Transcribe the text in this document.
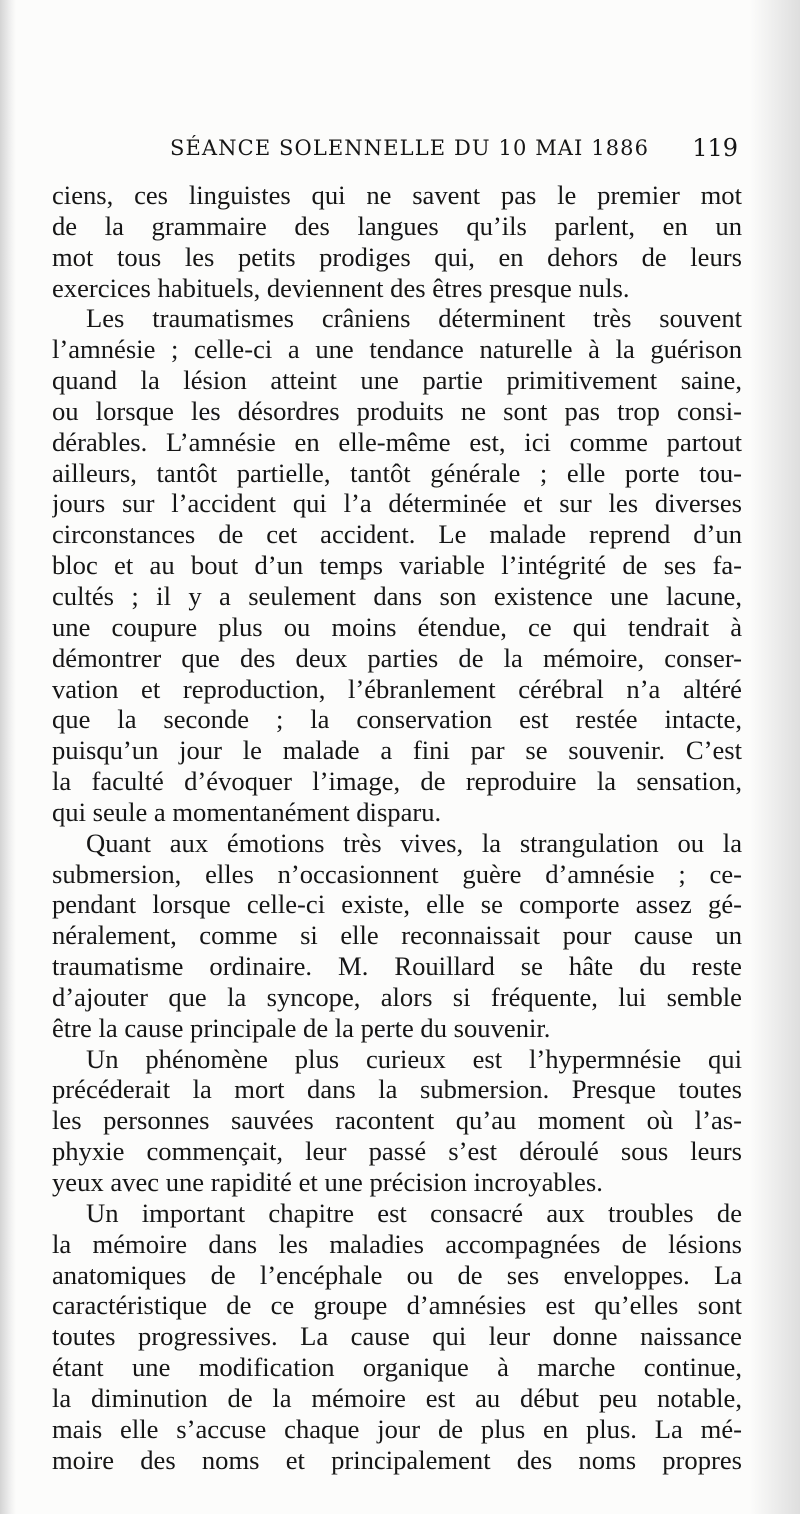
SÉANCE SOLENNELLE DU 10 MAI 1886 119
ciens, ces linguistes qui ne savent pas le premier mot
de la grammaire des langues qu’ils parlent, en un
mot tous les petits prodiges qui, en dehors de leurs
exercices habituels, deviennent des êtres presque nuls.
Les traumatismes crâniens déterminent très souvent
l’amnésie ; celle-ci a une tendance naturelle à la guérison
quand la lésion atteint une partie primitivement saine,
ou lorsque les désordres produits ne sont pas trop consi-
dérables. L’amnésie en elle-même est, ici comme partout
ailleurs, tantôt partielle, tantôt générale ; elle porte tou-
jours sur l’accident qui l’a déterminée et sur les diverses
circonstances de cet accident. Le malade reprend d’un
bloc et au bout d’un temps variable l’intégrité de ses fa-
cultés ; il y a seulement dans son existence une lacune,
une coupure plus ou moins étendue, ce qui tendrait à
démontrer que des deux parties de la mémoire, conser-
vation et reproduction, l’ébranlement cérébral n’a altéré
que la seconde ; la conservation est restée intacte,
puisqu’un jour le malade a fini par se souvenir. C’est
la faculté d’évoquer l’image, de reproduire la sensation,
qui seule a momentanément disparu.
Quant aux émotions très vives, la strangulation ou la
submersion, elles n’occasionnent guère d’amnésie ; ce-
pendant lorsque celle-ci existe, elle se comporte assez gé-
néralement, comme si elle reconnaissait pour cause un
traumatisme ordinaire. M. Rouillard se hâte du reste
d’ajouter que la syncope, alors si fréquente, lui semble
être la cause principale de la perte du souvenir.
Un phénomène plus curieux est l’hypermnésie qui
précéderait la mort dans la submersion. Presque toutes
les personnes sauvées racontent qu’au moment où l’as-
phyxie commençait, leur passé s’est déroulé sous leurs
yeux avec une rapidité et une précision incroyables.
Un important chapitre est consacré aux troubles de
la mémoire dans les maladies accompagnées de lésions
anatomiques de l’encéphale ou de ses enveloppes. La
caractéristique de ce groupe d’amnésies est qu’elles sont
toutes progressives. La cause qui leur donne naissance
étant une modification organique à marche continue,
la diminution de la mémoire est au début peu notable,
mais elle s’accuse chaque jour de plus en plus. La mé-
moire des noms et principalement des noms propres
